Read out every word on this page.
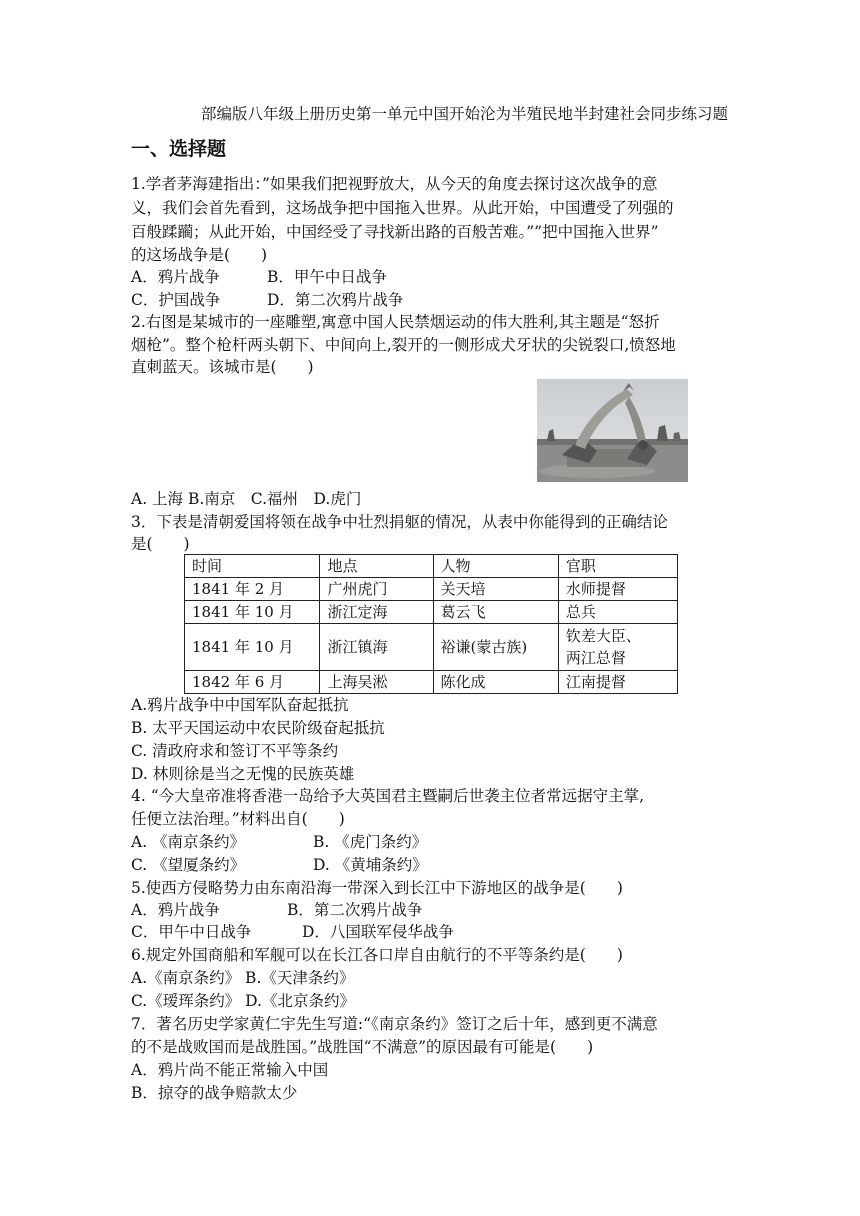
部编版八年级上册历史第一单元中国开始沦为半殖民地半封建社会同步练习题
一、选择题
1.学者茅海建指出：”如果我们把视野放大，从今天的角度去探讨这次战争的意
义，我们会首先看到，这场战争把中国拖入世界。从此开始，中国遭受了列强的
百般蹂躏；从此开始，中国经受了寻找新出路的百般苦难。””把中国拖入世界”
的这场战争是(　　)
A．鸦片战争	B．甲午中日战争
C．护国战争	D．第二次鸦片战争
2.右图是某城市的一座雕塑,寓意中国人民禁烟运动的伟大胜利,其主题是“怒折
烟枪”。整个枪杆两头朝下、中间向上,裂开的一侧形成犬牙状的尖锐裂口,愤怒地
直刺蓝天。该城市是(　　)
A. 上海 B.南京　C.福州　D.虎门
3．下表是清朝爱国将领在战争中壮烈捐躯的情况，从表中你能得到的正确结论
是(　　)
时间	地点	人物	官职
1841 年 2 月	广州虎门	关天培	水师提督
1841 年 10 月	浙江定海	葛云飞	总兵
1841 年 10 月	浙江镇海	裕谦(蒙古族)	钦差大臣、
两江总督
1842 年 6 月	上海吴淞	陈化成	江南提督
A.鸦片战争中中国军队奋起抵抗
B. 太平天国运动中农民阶级奋起抵抗
C. 清政府求和签订不平等条约
D. 林则徐是当之无愧的民族英雄
4. “今大皇帝准将香港一岛给予大英国君主暨嗣后世袭主位者常远据守主掌,
任便立法治理。”材料出自(　　)
A. 《南京条约》	B. 《虎门条约》
C. 《望厦条约》	D. 《黄埔条约》
5.使西方侵略势力由东南沿海一带深入到长江中下游地区的战争是(　　)
A．鸦片战争	B．第二次鸦片战争
C．甲午中日战争	D．八国联军侵华战争
6.规定外国商船和军舰可以在长江各口岸自由航行的不平等条约是(　　)
A.《南京条约》 B.《天津条约》
C.《瑷珲条约》 D.《北京条约》
7．著名历史学家黄仁宇先生写道:“《南京条约》签订之后十年，感到更不满意
的不是战败国而是战胜国。”战胜国“不满意”的原因最有可能是(　　)
A．鸦片尚不能正常输入中国
B．掠夺的战争赔款太少
